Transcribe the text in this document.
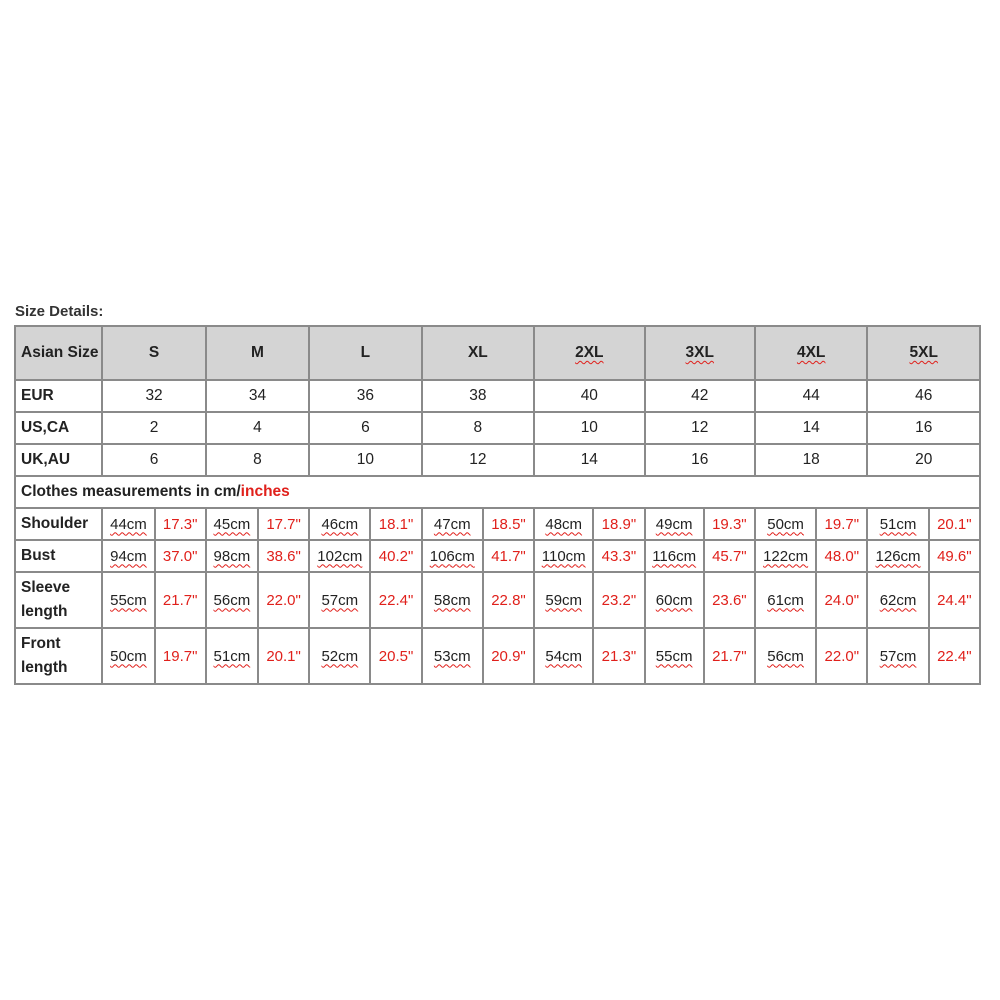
Size Details:
Asian Size	S		M		L		XL		2XL		3XL		4XL		5XL	
EUR	32		34		36		38		40		42		44		46	
US,CA	2		4		6		8		10		12		14		16	
UK,AU	6		8		10		12		14		16		18		20	
Clothes measurements in cm/inches																
Shoulder	44cm	17.3"	45cm	17.7"	46cm	18.1"	47cm	18.5"	48cm	18.9"	49cm	19.3"	50cm	19.7"	51cm	20.1"
Bust	94cm	37.0"	98cm	38.6"	102cm	40.2"	106cm	41.7"	110cm	43.3"	116cm	45.7"	122cm	48.0"	126cm	49.6"
Sleeve length	55cm	21.7"	56cm	22.0"	57cm	22.4"	58cm	22.8"	59cm	23.2"	60cm	23.6"	61cm	24.0"	62cm	24.4"
Front length	50cm	19.7"	51cm	20.1"	52cm	20.5"	53cm	20.9"	54cm	21.3"	55cm	21.7"	56cm	22.0"	57cm	22.4"
